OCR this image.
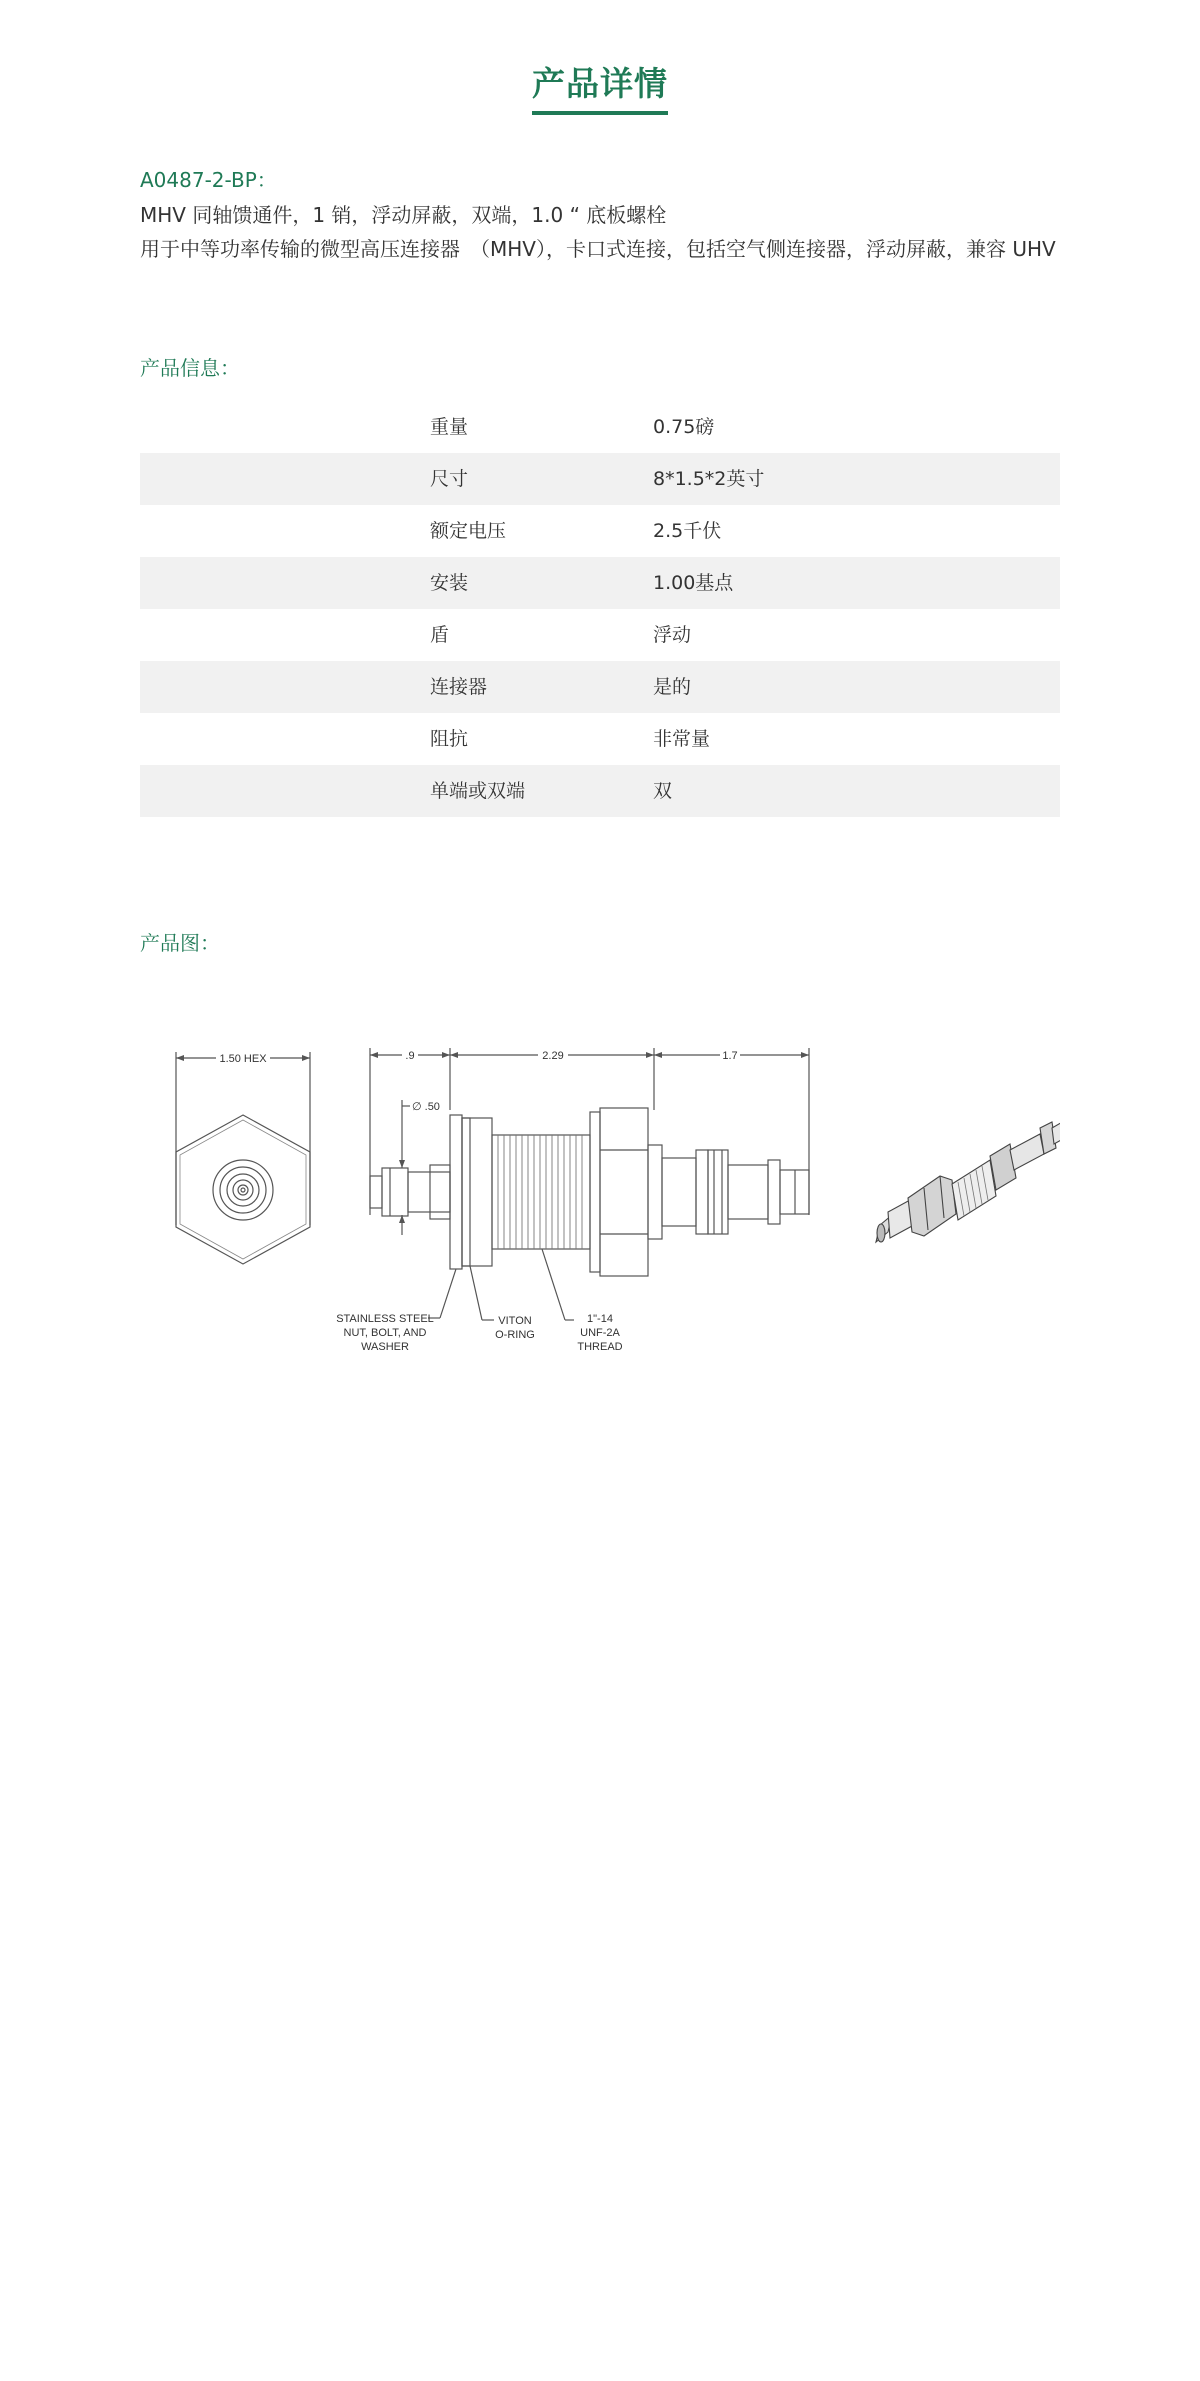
产品详情
A0487-2-BP：
MHV 同轴馈通件，1 销，浮动屏蔽，双端，1.0 “ 底板螺栓
用于中等功率传输的微型高压连接器　（MHV），卡口式连接，包括空气侧连接器，浮动屏蔽，兼容 UHV
产品信息：
重量	0.75磅
尺寸	8*1.5*2英寸
额定电压	2.5千伏
安装	1.00基点
盾	浮动
连接器	是的
阻抗	非常量
单端或双端	双
产品图：
1.50 HEX	.9	2.29	1.7
∅ .50
STAINLESS STEEL
NUT, BOLT, AND
WASHER
VITON
O-RING
1"-14
UNF-2A
THREAD
